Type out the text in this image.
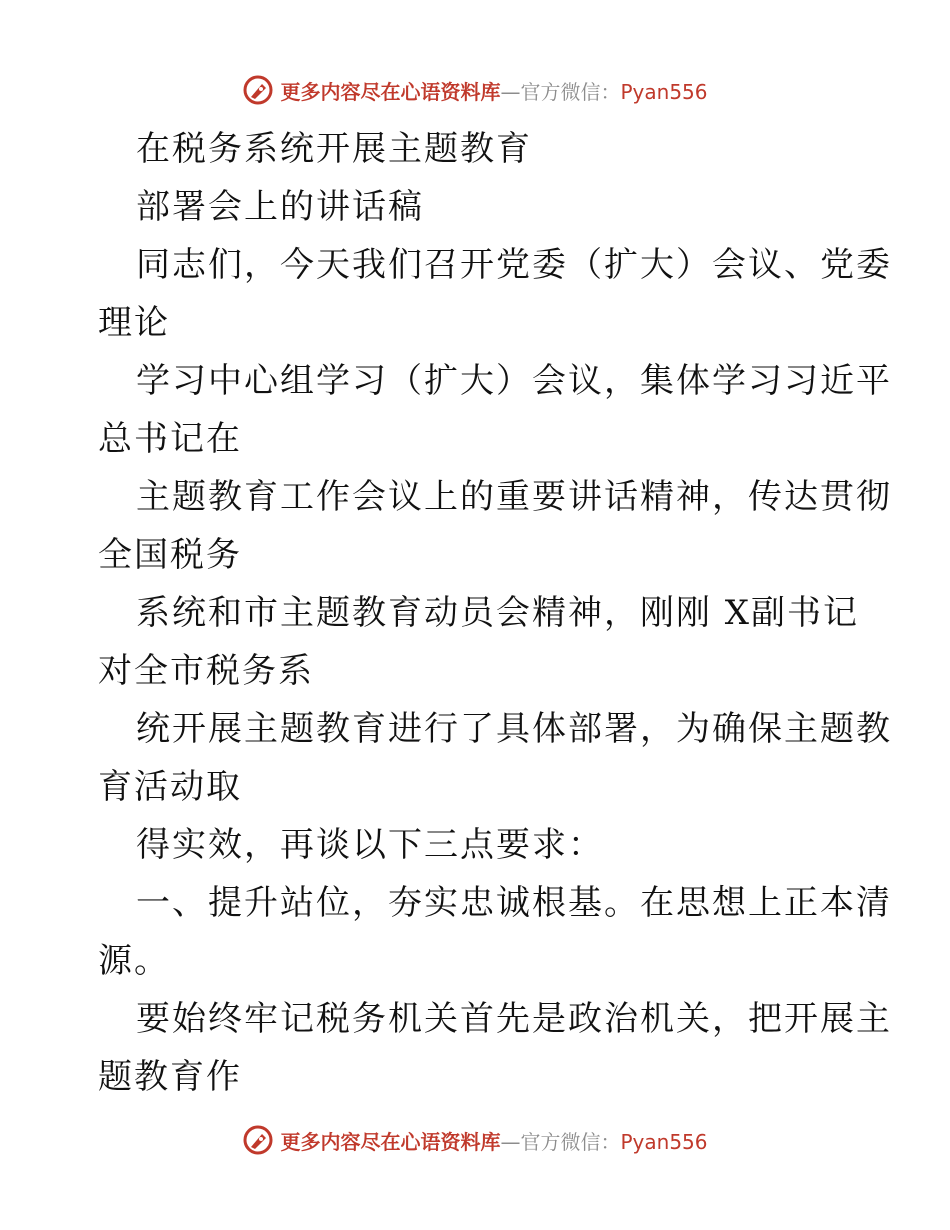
更多内容尽在心语资料库—官方微信：Pyan556
在税务系统开展主题教育
部署会上的讲话稿
同志们，今天我们召开党委（扩大）会议、党委
理论
学习中心组学习（扩大）会议，集体学习习近平
总书记在
主题教育工作会议上的重要讲话精神，传达贯彻
全国税务
系统和市主题教育动员会精神，刚刚 X副书记
对全市税务系
统开展主题教育进行了具体部署，为确保主题教
育活动取
得实效，再谈以下三点要求：
一、提升站位，夯实忠诚根基。在思想上正本清
源。
要始终牢记税务机关首先是政治机关，把开展主
题教育作
更多内容尽在心语资料库—官方微信：Pyan556
